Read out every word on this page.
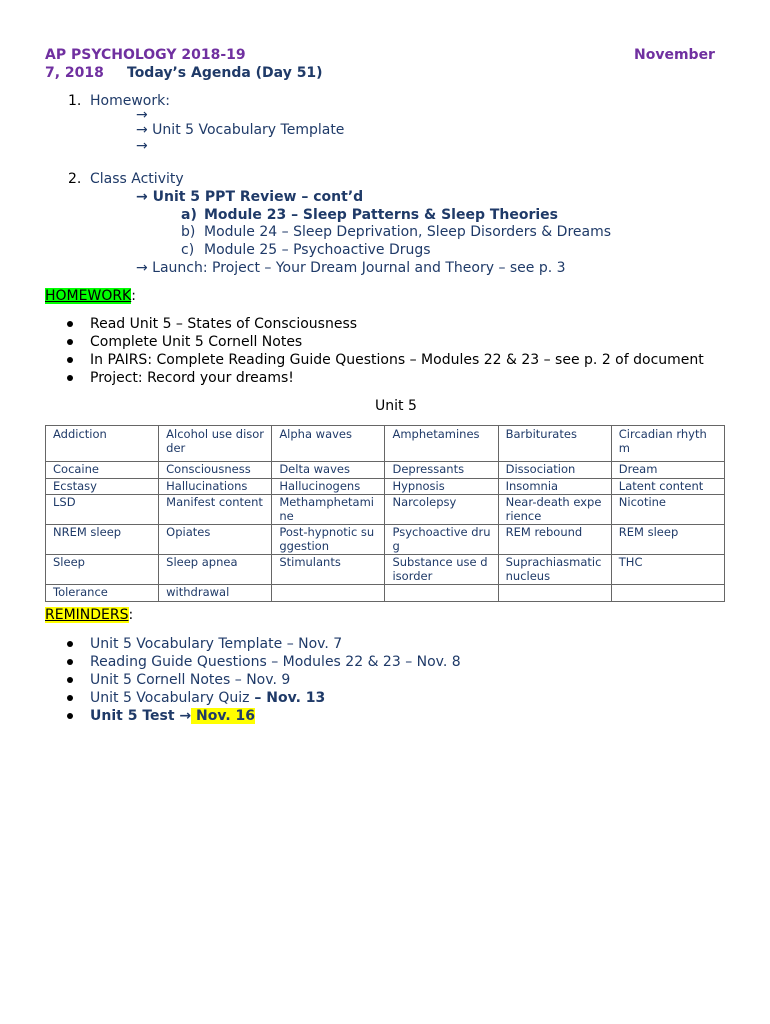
AP PSYCHOLOGY 2018-19	November
7, 2018 Today’s Agenda (Day 51)
1. Homework:
→
→ Unit 5 Vocabulary Template
→
2. Class Activity
→ Unit 5 PPT Review – cont’d
a) Module 23 – Sleep Patterns & Sleep Theories
b) Module 24 – Sleep Deprivation, Sleep Disorders & Dreams
c) Module 25 – Psychoactive Drugs
→ Launch: Project – Your Dream Journal and Theory – see p. 3
HOMEWORK:
Read Unit 5 – States of Consciousness
Complete Unit 5 Cornell Notes
In PAIRS: Complete Reading Guide Questions – Modules 22 & 23 – see p. 2 of document
Project: Record your dreams!
Unit 5
Addiction	Alcohol use disorder	Alpha waves	Amphetamines	Barbiturates	Circadian rhythm
Cocaine	Consciousness	Delta waves	Depressants	Dissociation	Dream
Ecstasy	Hallucinations	Hallucinogens	Hypnosis	Insomnia	Latent content
LSD	Manifest content	Methamphetamine	Narcolepsy	Near-death experience	Nicotine
NREM sleep	Opiates	Post-hypnotic suggestion	Psychoactive drug	REM rebound	REM sleep
Sleep	Sleep apnea	Stimulants	Substance use disorder	Suprachiasmatic nucleus	THC
Tolerance	withdrawal				
REMINDERS:
Unit 5 Vocabulary Template – Nov. 7
Reading Guide Questions – Modules 22 & 23 – Nov. 8
Unit 5 Cornell Notes – Nov. 9
Unit 5 Vocabulary Quiz – Nov. 13
Unit 5 Test → Nov. 16
